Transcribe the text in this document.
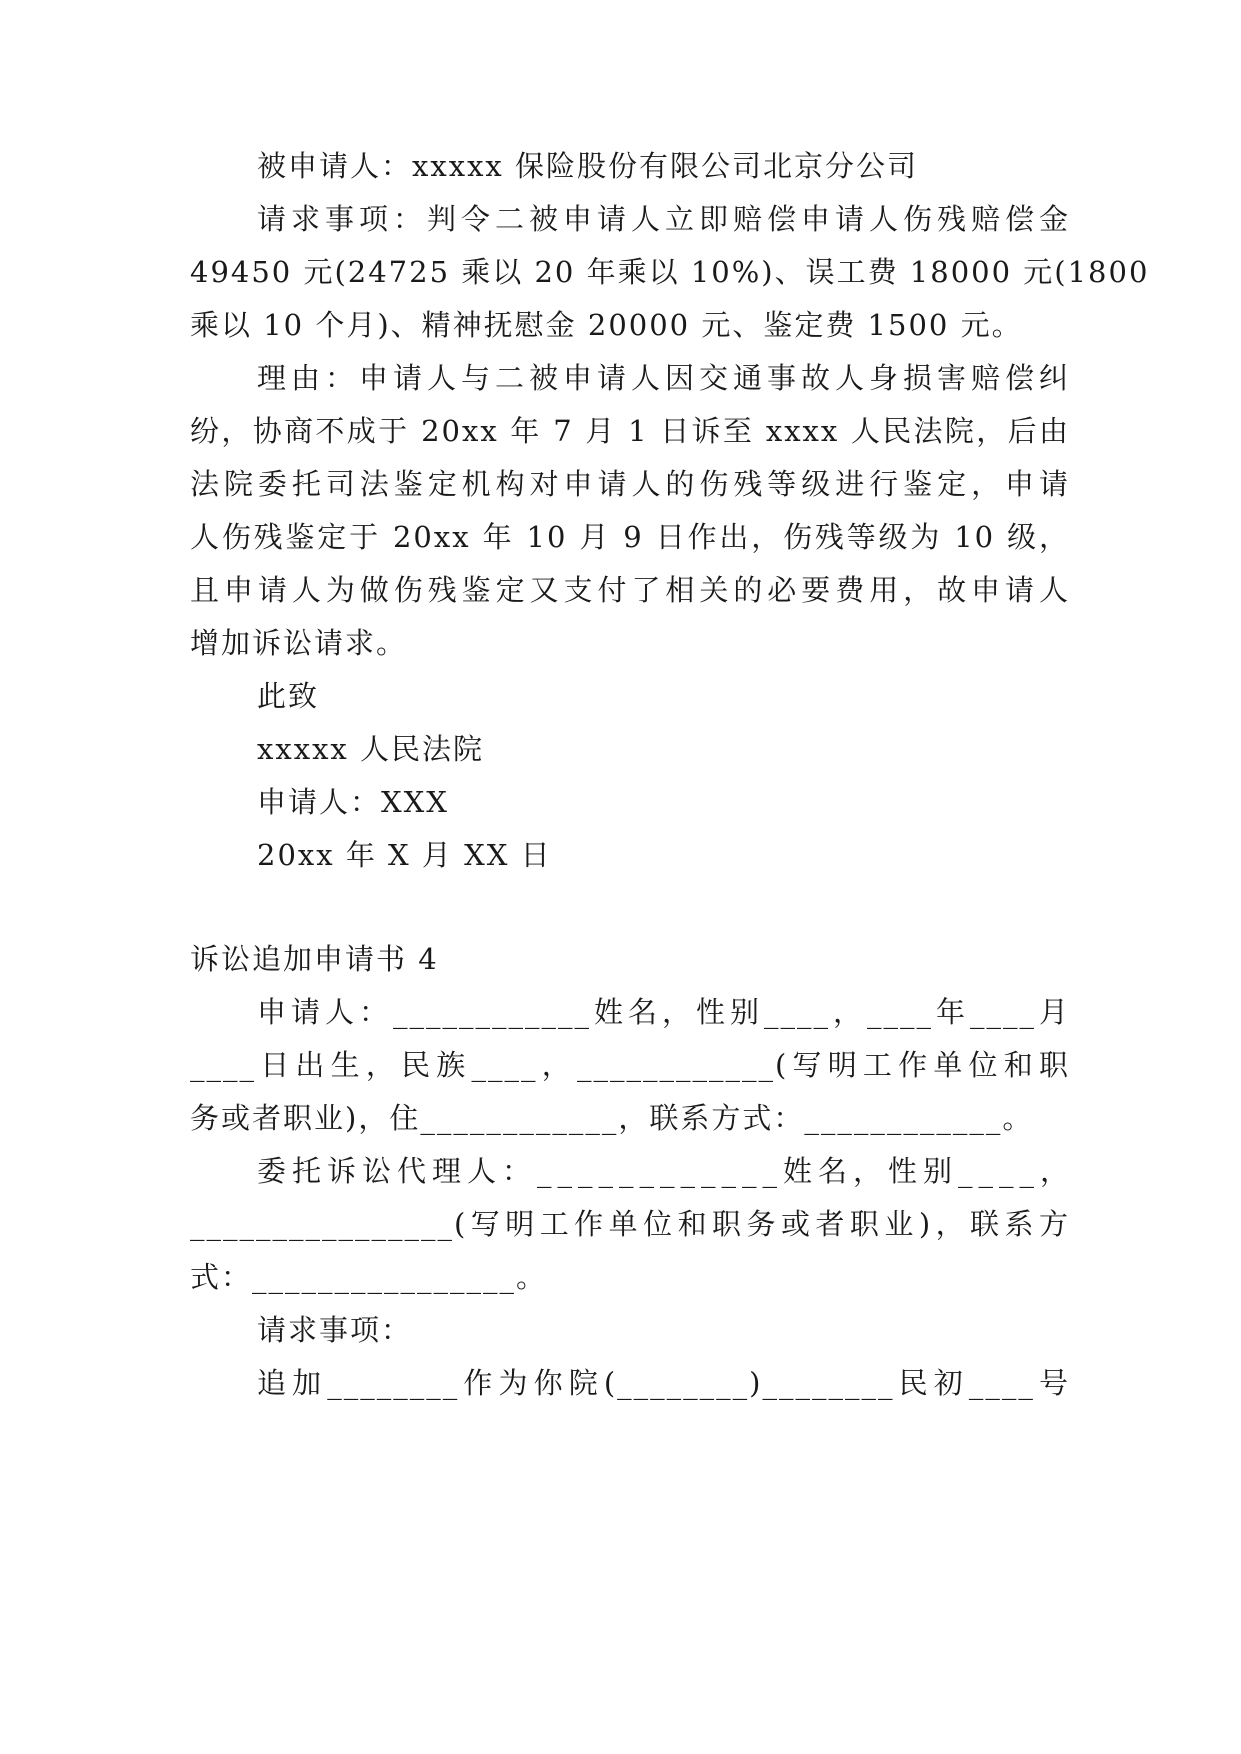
被申请人：xxxxx 保险股份有限公司北京分公司
请求事项：判令二被申请人立即赔偿申请人伤残赔偿金
49450 元(24725 乘以 20 年乘以 10%)、误工费 18000 元(1800
乘以 10 个月)、精神抚慰金 20000 元、鉴定费 1500 元。
理由：申请人与二被申请人因交通事故人身损害赔偿纠
纷，协商不成于 20xx 年 7 月 1 日诉至 xxxx 人民法院，后由
法院委托司法鉴定机构对申请人的伤残等级进行鉴定，申请
人伤残鉴定于 20xx 年 10 月 9 日作出，伤残等级为 10 级，
且申请人为做伤残鉴定又支付了相关的必要费用，故申请人
增加诉讼请求。
此致
xxxxx 人民法院
申请人：XXX
20xx 年 X 月 XX 日
诉讼追加申请书 4
申请人：____________姓名，性别____，____年____月
____日出生，民族____，____________(写明工作单位和职
务或者职业)，住____________，联系方式：____________。
委托诉讼代理人：____________姓名，性别____，
________________(写明工作单位和职务或者职业)，联系方
式：________________。
请求事项：
追加________作为你院(________)________民初____号
